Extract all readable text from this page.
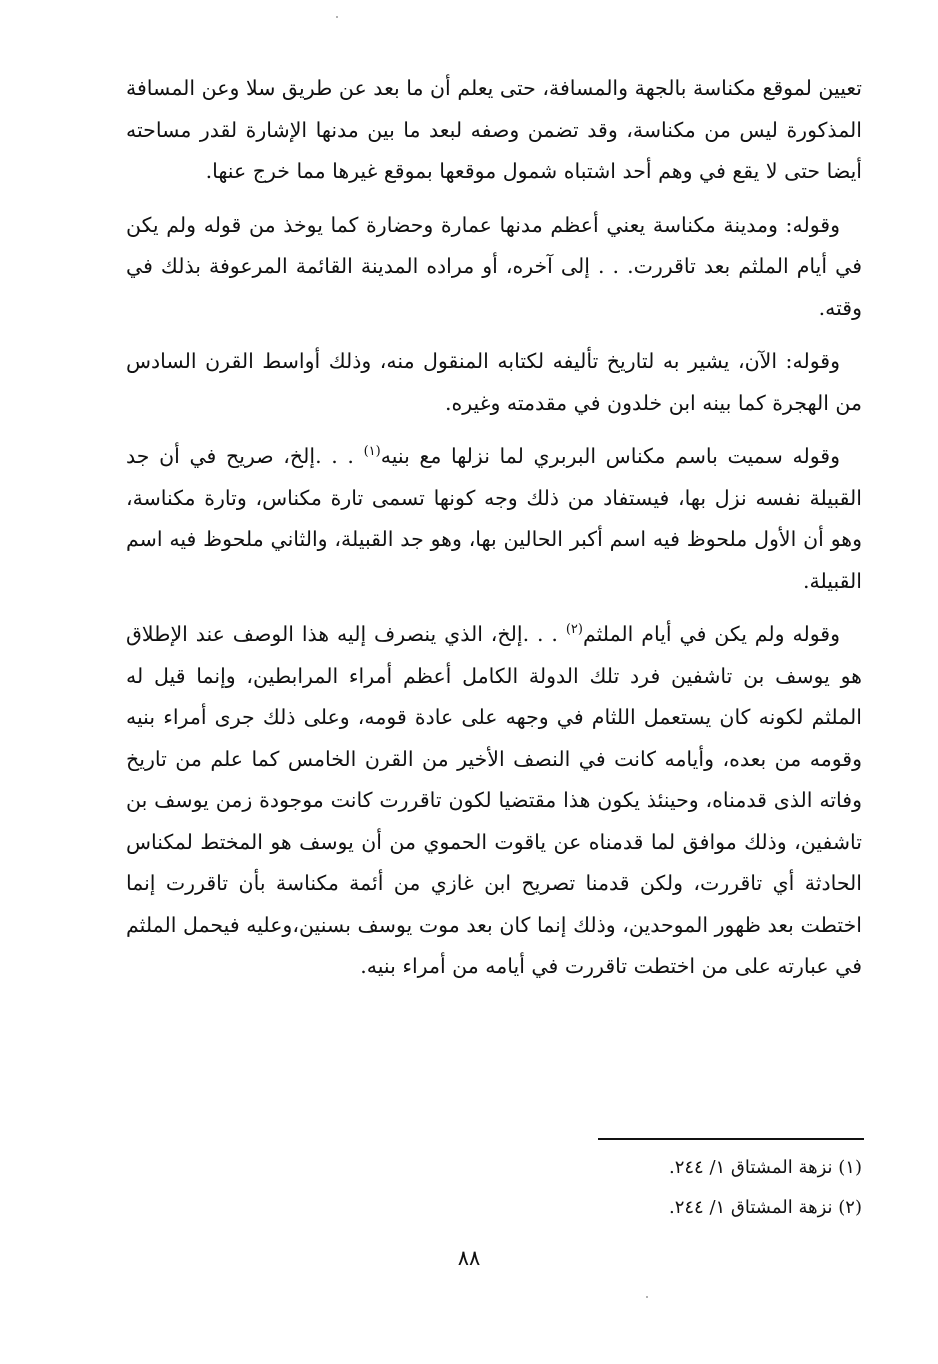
تعيين لموقع مكناسة بالجهة والمسافة، حتى يعلم أن ما بعد عن طريق سلا وعن المسافة المذكورة ليس من مكناسة، وقد تضمن وصفه لبعد ما بين مدنها الإشارة لقدر مساحته أيضا حتى لا يقع في وهم أحد اشتباه شمول موقعها بموقع غيرها مما خرج عنها.

وقوله: ومدينة مكناسة يعني أعظم مدنها عمارة وحضارة كما يوخذ من قوله ولم يكن في أيام الملثم بعد تاقررت. . . إلى آخره، أو مراده المدينة القائمة المرعوفة بذلك في وقته.

وقوله: الآن، يشير به لتاريخ تأليفه لكتابه المنقول منه، وذلك أواسط القرن السادس من الهجرة كما بينه ابن خلدون في مقدمته وغيره.

وقوله سميت باسم مكناس البربري لما نزلها مع بنيه$^{(١)}$ . . .إلخ، صريح في أن جد القبيلة نفسه نزل بها، فيستفاد من ذلك وجه كونها تسمى تارة مكناس، وتارة مكناسة، وهو أن الأول ملحوظ فيه اسم أكبر الحالين بها، وهو جد القبيلة، والثاني ملحوظ فيه اسم القبيلة.

وقوله ولم يكن في أيام الملثم$^{(٢)}$ . . .إلخ، الذي ينصرف إليه هذا الوصف عند الإطلاق هو يوسف بن تاشفين فرد تلك الدولة الكامل أعظم أمراء المرابطين، وإنما قيل له الملثم لكونه كان يستعمل اللثام في وجهه على عادة قومه، وعلى ذلك جرى أمراء بنيه وقومه من بعده، وأيامه كانت في النصف الأخير من القرن الخامس كما علم من تاريخ وفاته الذى قدمناه، وحينئذ يكون هذا مقتضيا لكون تاقررت كانت موجودة زمن يوسف بن تاشفين، وذلك موافق لما قدمناه عن ياقوت الحموي من أن يوسف هو المختط لمكناس الحادثة أي تاقررت، ولكن قدمنا تصريح ابن غازي من أئمة مكناسة بأن تاقررت إنما اختطت بعد ظهور الموحدين، وذلك إنما كان بعد موت يوسف بسنين،وعليه فيحمل الملثم في عبارته على من اختطت تاقررت في أيامه من أمراء بنيه.

(١) نزهة المشتاق ١/ ٢٤٤.
(٢) نزهة المشتاق ١/ ٢٤٤.
٨٨
